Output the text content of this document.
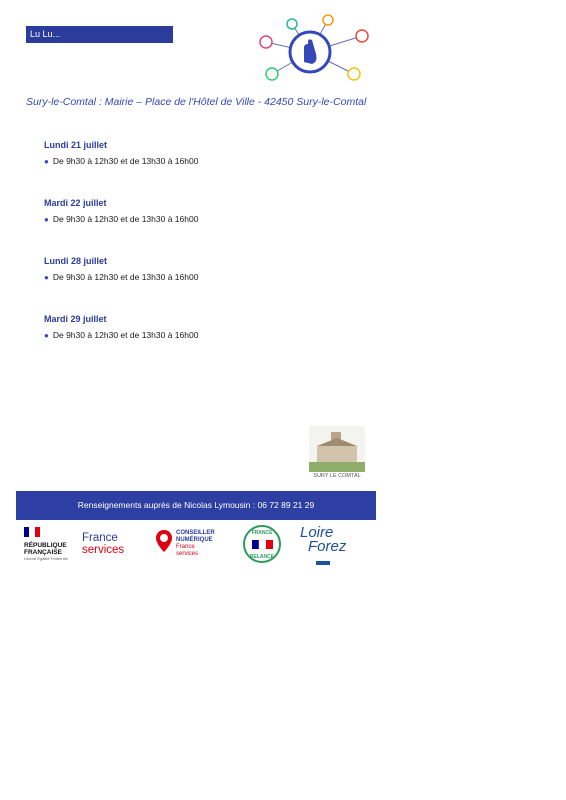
Lu Lu...
Sury-le-Comtal : Mairie – Place de l'Hôtel de Ville - 42450 Sury-le-Comtal
Lundi 21 juillet
● De 9h30 à 12h30 et de 13h30 à 16h00
Mardi 22 juillet
● De 9h30 à 12h30 et de 13h30 à 16h00
Lundi 28 juillet
● De 9h30 à 12h30 et de 13h30 à 16h00
Mardi 29 juillet
● De 9h30 à 12h30 et de 13h30 à 16h00
SURY LE COMTAL
Renseignements auprès de Nicolas Lymousin : 06 72 89 21 29
RÉPUBLIQUE
FRANÇAISE
Liberté Égalité Fraternité
France
services
CONSEILLER
NUMÉRIQUE
France
services
FRANCE
RELANCE
Loire
Forez
